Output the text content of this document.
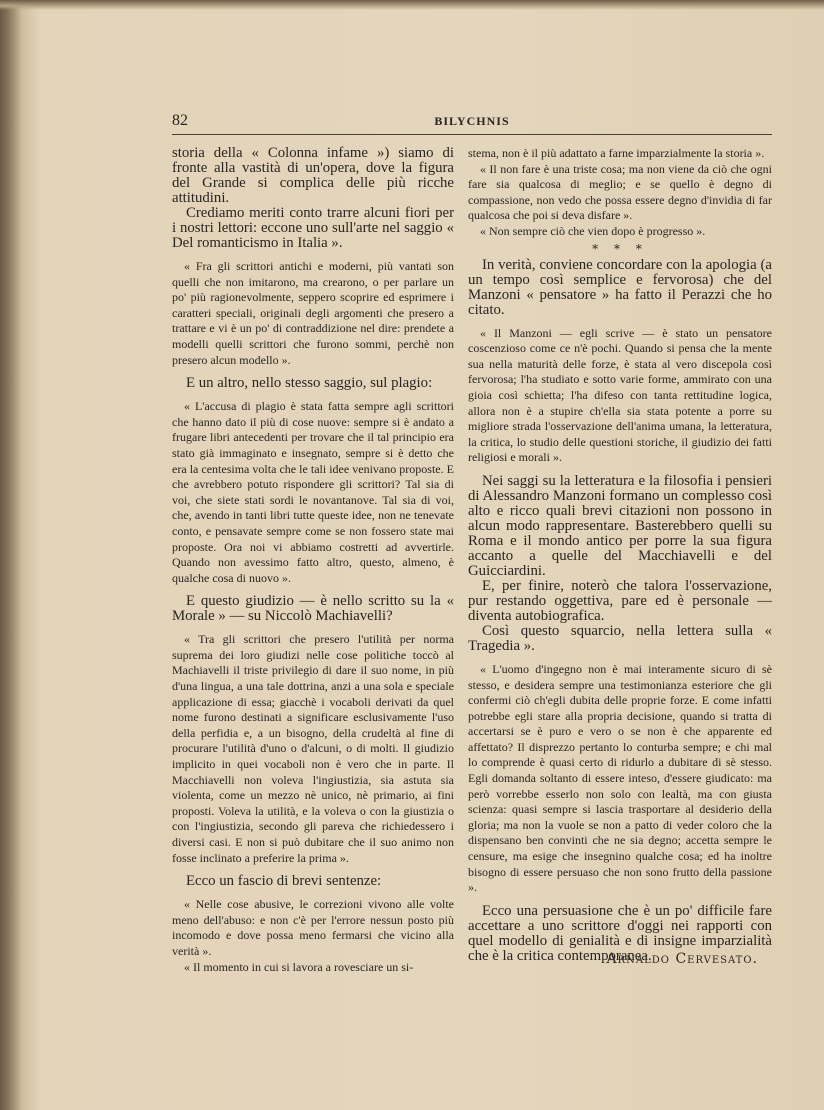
82	BILYCHNIS

storia della « Colonna infame ») siamo di fronte alla vastità di un'opera, dove la figura del Grande si complica delle più ricche attitudini.

Crediamo meriti conto trarre alcuni fiori per i nostri lettori: eccone uno sull'arte nel saggio « Del romanticismo in Italia ».

« Fra gli scrittori antichi e moderni, più vantati son quelli che non imitarono, ma crearono, o per parlare un po' più ragionevolmente, seppero scoprire ed esprimere i caratteri speciali, originali degli argomenti che presero a trattare e vi è un po' di contraddizione nel dire: prendete a modelli quelli scrittori che furono sommi, perchè non presero alcun modello ».

E un altro, nello stesso saggio, sul plagio:

« L'accusa di plagio è stata fatta sempre agli scrittori che hanno dato il più di cose nuove: sempre si è andato a frugare libri antecedenti per trovare che il tal principio era stato già immaginato e insegnato, sempre si è detto che era la centesima volta che le tali idee venivano proposte. E che avrebbero potuto rispondere gli scrittori? Tal sia di voi, che siete stati sordi le novantanove. Tal sia di voi, che, avendo in tanti libri tutte queste idee, non ne tenevate conto, e pensavate sempre come se non fossero state mai proposte. Ora noi vi abbiamo costretti ad avvertirle. Quando non avessimo fatto altro, questo, almeno, è qualche cosa di nuovo ».

E questo giudizio — è nello scritto su la « Morale » — su Niccolò Machiavelli?

« Tra gli scrittori che presero l'utilità per norma suprema dei loro giudizi nelle cose politiche toccò al Machiavelli il triste privilegio di dare il suo nome, in più d'una lingua, a una tale dottrina, anzi a una sola e speciale applicazione di essa; giacchè i vocaboli derivati da quel nome furono destinati a significare esclusivamente l'uso della perfidia e, a un bisogno, della crudeltà al fine di procurare l'utilità d'uno o d'alcuni, o di molti. Il giudizio implicito in quei vocaboli non è vero che in parte. Il Macchiavelli non voleva l'ingiustizia, sia astuta sia violenta, come un mezzo nè unico, nè primario, ai fini proposti. Voleva la utilità, e la voleva o con la giustizia o con l'ingiustizia, secondo gli pareva che richiedessero i diversi casi. E non si può dubitare che il suo animo non fosse inclinato a preferire la prima ».

Ecco un fascio di brevi sentenze:

« Nelle cose abusive, le correzioni vivono alle volte meno dell'abuso: e non c'è per l'errore nessun posto più incomodo e dove possa meno fermarsi che vicino alla verità ».

« Il momento in cui si lavora a rovesciare un si-

stema, non è il più adattato a farne imparzialmente la storia ».

« Il non fare è una triste cosa; ma non viene da ciò che ogni fare sia qualcosa di meglio; e se quello è degno di compassione, non vedo che possa essere degno d'invidia di far qualcosa che poi si deva disfare ».

« Non sempre ciò che vien dopo è progresso ».

* * *

In verità, conviene concordare con la apologia (a un tempo così semplice e fervorosa) che del Manzoni « pensatore » ha fatto il Perazzi che ho citato.

« Il Manzoni — egli scrive — è stato un pensatore coscenzioso come ce n'è pochi. Quando si pensa che la mente sua nella maturità delle forze, è stata al vero discepola così fervorosa; l'ha studiato e sotto varie forme, ammirato con una gioia così schietta; l'ha difeso con tanta rettitudine logica, allora non è a stupire ch'ella sia stata potente a porre su migliore strada l'osservazione dell'anima umana, la letteratura, la critica, lo studio delle questioni storiche, il giudizio dei fatti religiosi e morali ».

Nei saggi su la letteratura e la filosofia i pensieri di Alessandro Manzoni formano un complesso così alto e ricco quali brevi citazioni non possono in alcun modo rappresentare. Basterebbero quelli su Roma e il mondo antico per porre la sua figura accanto a quelle del Macchiavelli e del Guicciardini.

E, per finire, noterò che talora l'osservazione, pur restando oggettiva, pare ed è personale — diventa autobiografica.

Così questo squarcio, nella lettera sulla « Tragedia ».

« L'uomo d'ingegno non è mai interamente sicuro di sè stesso, e desidera sempre una testimonianza esteriore che gli confermi ciò ch'egli dubita delle proprie forze. E come infatti potrebbe egli stare alla propria decisione, quando si tratta di accertarsi se è puro e vero o se non è che apparente ed affettato? Il disprezzo pertanto lo conturba sempre; e chi mal lo comprende è quasi certo di ridurlo a dubitare di sè stesso. Egli domanda soltanto di essere inteso, d'essere giudicato: ma però vorrebbe esserlo non solo con lealtà, ma con giusta scienza: quasi sempre si lascia trasportare al desiderio della gloria; ma non la vuole se non a patto di veder coloro che la dispensano ben convinti che ne sia degno; accetta sempre le censure, ma esige che insegnino qualche cosa; ed ha inoltre bisogno di essere persuaso che non sono frutto della passione ».

Ecco una persuasione che è un po' difficile fare accettare a uno scrittore d'oggi nei rapporti con quel modello di genialità e di insigne imparzialità che è la critica contemporanea.

Arnaldo Cervesato.
